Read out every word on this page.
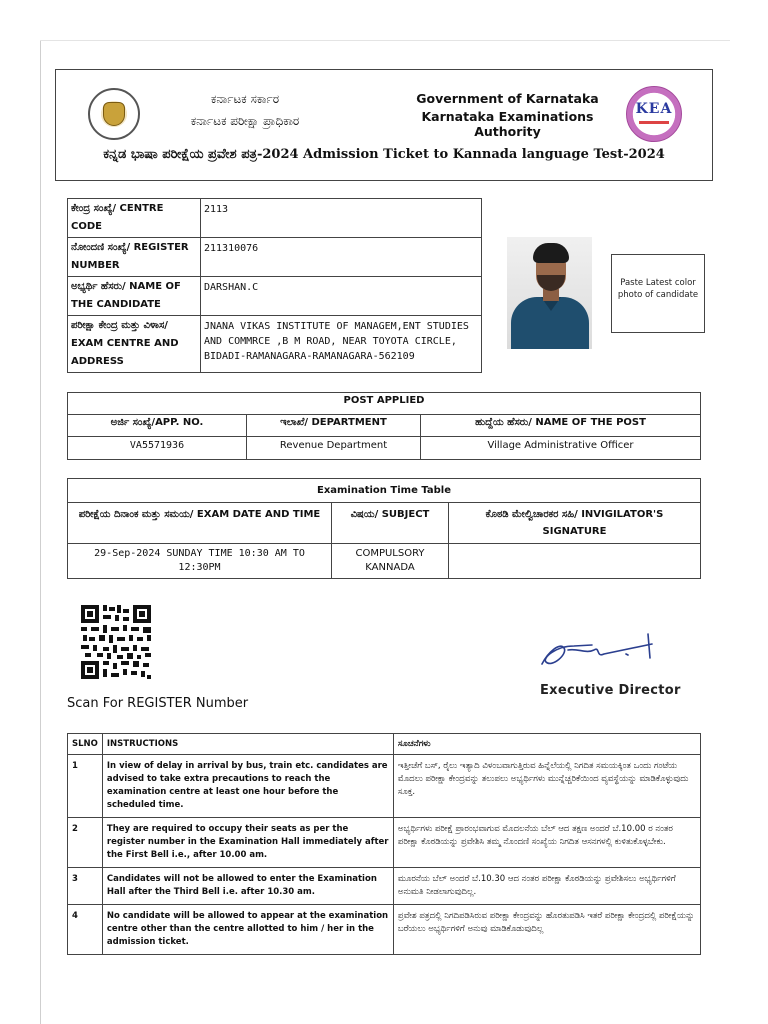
ಕರ್ನಾಟಕ ಸರ್ಕಾರ
ಕರ್ನಾಟಕ ಪರೀಕ್ಷಾ ಪ್ರಾಧಿಕಾರ
Government of Karnataka
Karnataka Examinations Authority
KEA
ಕನ್ನಡ ಭಾಷಾ ಪರೀಕ್ಷೆಯ ಪ್ರವೇಶ ಪತ್ರ-2024 Admission Ticket to Kannada language Test-2024
ಕೇಂದ್ರ ಸಂಖ್ಯೆ/ CENTRE CODE	2113
ನೋಂದಣಿ ಸಂಖ್ಯೆ/ REGISTER NUMBER	211310076
ಅಭ್ಯರ್ಥಿ ಹೆಸರು/ NAME OF THE CANDIDATE	DARSHAN.C
ಪರೀಕ್ಷಾ ಕೇಂದ್ರ ಮತ್ತು ವಿಳಾಸ/ EXAM CENTRE AND ADDRESS	JNANA VIKAS INSTITUTE OF MANAGEM,ENT STUDIES AND COMMRCE ,B M ROAD, NEAR TOYOTA CIRCLE, BIDADI-RAMANAGARA-RAMANAGARA-562109
Paste Latest color photo of candidate
POST APPLIED		
ಅರ್ಜಿ ಸಂಖ್ಯೆ/APP. NO.	ಇಲಾಖೆ/ DEPARTMENT	ಹುದ್ದೆಯ ಹೆಸರು/ NAME OF THE POST
VA5571936	Revenue Department	Village Administrative Officer
Examination Time Table		
ಪರೀಕ್ಷೆಯ ದಿನಾಂಕ ಮತ್ತು ಸಮಯ/ EXAM DATE AND TIME	ವಿಷಯ/ SUBJECT	ಕೊಠಡಿ ಮೇಲ್ವಿಚಾರಕರ ಸಹಿ/ INVIGILATOR'S SIGNATURE
29-Sep-2024 SUNDAY TIME 10:30 AM TO 12:30PM	COMPULSORY KANNADA	
Scan For REGISTER Number
Executive Director
SLNO	INSTRUCTIONS	ಸೂಚನೆಗಳು
1	In view of delay in arrival by bus, train etc. candidates are advised to take extra precautions to reach the examination centre at least one hour before the scheduled time.	ಇತ್ತೀಚೆಗೆ ಬಸ್, ರೈಲು ಇತ್ಯಾದಿ ವಿಳಂಬವಾಗುತ್ತಿರುವ ಹಿನ್ನೆಲೆಯಲ್ಲಿ ನಿಗದಿತ ಸಮಯಕ್ಕಿಂತ ಒಂದು ಗಂಟೆಯ ಮೊದಲು ಪರೀಕ್ಷಾ ಕೇಂದ್ರವನ್ನು ತಲುಪಲು ಅಭ್ಯರ್ಥಿಗಳು ಮುನ್ನೆಚ್ಚರಿಕೆಯಿಂದ ವ್ಯವಸ್ಥೆಯನ್ನು ಮಾಡಿಕೊಳ್ಳುವುದು ಸೂಕ್ತ.
2	They are required to occupy their seats as per the register number in the Examination Hall immediately after the First Bell i.e., after 10.00 am.	ಅಭ್ಯರ್ಥಿಗಳು ಪರೀಕ್ಷೆ ಪ್ರಾರಂಭವಾಗುವ ಮೊದಲನೆಯ ಬೆಲ್ ಆದ ತಕ್ಷಣ ಅಂದರೆ ಬೆ.10.00 ರ ನಂತರ ಪರೀಕ್ಷಾ ಕೊಠಡಿಯನ್ನು ಪ್ರವೇಶಿಸಿ ತಮ್ಮ ನೊಂದಣಿ ಸಂಖ್ಯೆಯ ನಿಗದಿತ ಆಸನಗಳಲ್ಲಿ ಕುಳಿತುಕೊಳ್ಳಬೇಕು.
3	Candidates will not be allowed to enter the Examination Hall after the Third Bell i.e. after 10.30 am.	ಮೂರನೆಯ ಬೆಲ್ ಅಂದರೆ ಬೆ.10.30 ಆದ ನಂತರ ಪರೀಕ್ಷಾ ಕೊಠಡಿಯನ್ನು ಪ್ರವೇಶಿಸಲು ಅಭ್ಯರ್ಥಿಗಳಿಗೆ ಅನುಮತಿ ನೀಡಲಾಗುವುದಿಲ್ಲ.
4	No candidate will be allowed to appear at the examination centre other than the centre allotted to him / her in the admission ticket.	ಪ್ರವೇಶ ಪತ್ರದಲ್ಲಿ ನಿಗದಿಪಡಿಸಿರುವ ಪರೀಕ್ಷಾ ಕೇಂದ್ರವನ್ನು ಹೊರತುಪಡಿಸಿ ಇತರೆ ಪರೀಕ್ಷಾ ಕೇಂದ್ರದಲ್ಲಿ ಪರೀಕ್ಷೆಯನ್ನು ಬರೆಯಲು ಅಭ್ಯರ್ಥಿಗಳಿಗೆ ಅನುವು ಮಾಡಿಕೊಡುವುದಿಲ್ಲ
